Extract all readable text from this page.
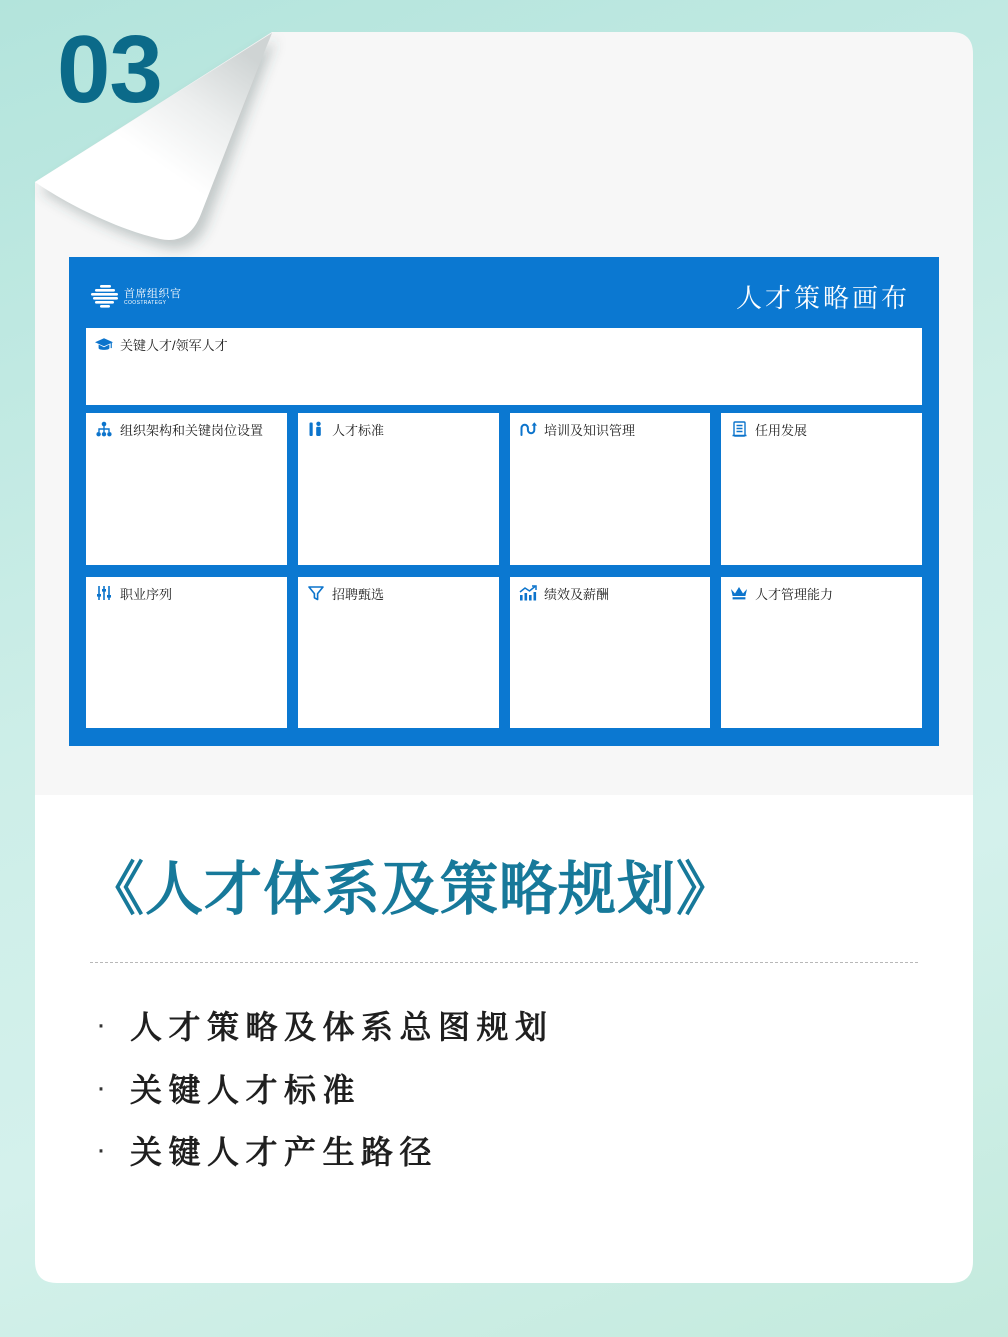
03
首席组织官
COOSTRATEGY	人才策略画布
关键人才/领军人才
组织架构和关键岗位设置	人才标准	培训及知识管理	任用发展
职业序列	招聘甄选	绩效及薪酬	人才管理能力
《人才体系及策略规划》
· 人才策略及体系总图规划
· 关键人才标准
· 关键人才产生路径
